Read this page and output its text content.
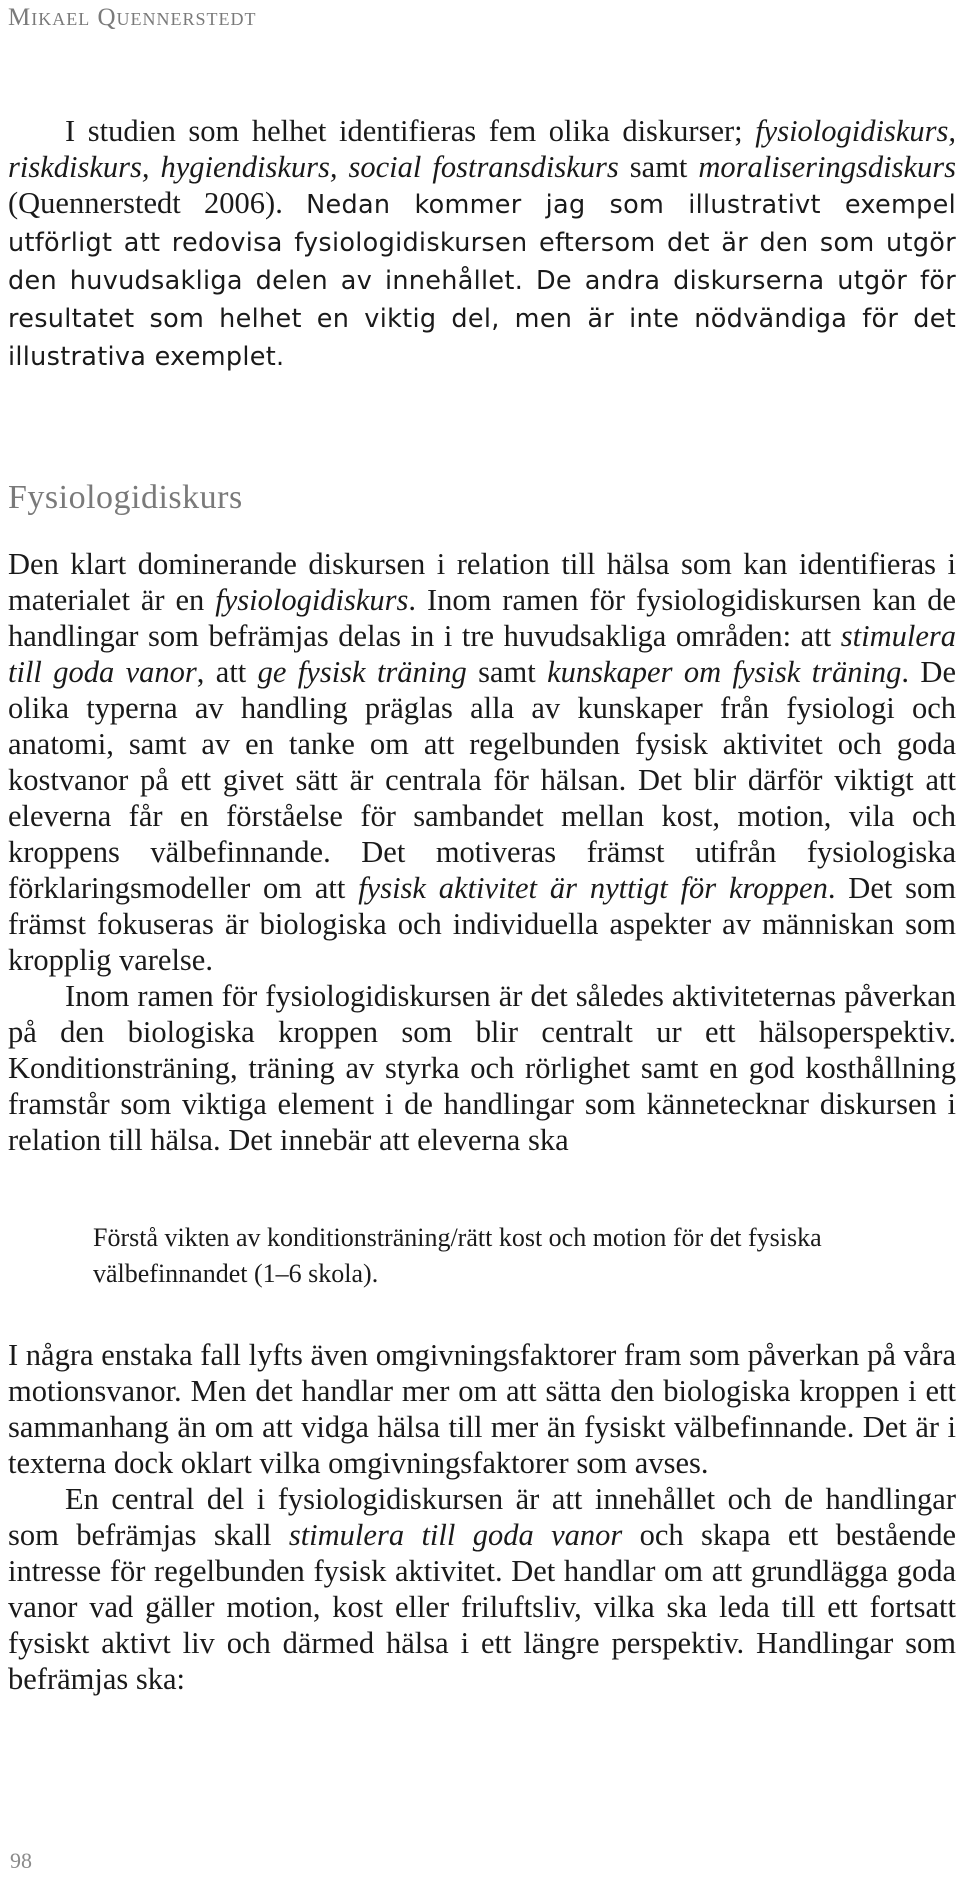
Mikael Quennerstedt

I studien som helhet identifieras fem olika diskurser; fysiologidiskurs, riskdiskurs, hygiendiskurs, social fostransdiskurs samt moraliseringsdiskurs (Quennerstedt 2006). Nedan kommer jag som illustrativt exempel utförligt att redovisa fysiologidiskursen eftersom det är den som utgör den huvudsakliga delen av innehållet. De andra diskurserna utgör för resultatet som helhet en viktig del, men är inte nödvändiga för det illustrativa exemplet.

Fysiologidiskurs

Den klart dominerande diskursen i relation till hälsa som kan identifieras i materialet är en fysiologidiskurs. Inom ramen för fysiologidiskursen kan de handlingar som befrämjas delas in i tre huvudsakliga områden: att stimulera till goda vanor, att ge fysisk träning samt kunskaper om fysisk träning. De olika typerna av handling präglas alla av kunskaper från fysiologi och anatomi, samt av en tanke om att regelbunden fysisk aktivitet och goda kostvanor på ett givet sätt är centrala för hälsan. Det blir därför viktigt att eleverna får en förståelse för sambandet mellan kost, motion, vila och kroppens välbefinnande. Det motiveras främst utifrån fysiologiska förklaringsmodeller om att fysisk aktivitet är nyttigt för kroppen. Det som främst fokuseras är biologiska och individuella aspekter av människan som kropplig varelse.

Inom ramen för fysiologidiskursen är det således aktiviteternas påverkan på den biologiska kroppen som blir centralt ur ett hälsoperspektiv. Konditionsträning, träning av styrka och rörlighet samt en god kosthållning framstår som viktiga element i de handlingar som kännetecknar diskursen i relation till hälsa. Det innebär att eleverna ska

Förstå vikten av konditionsträning/rätt kost och motion för det fysiska välbefinnandet (1–6 skola).

I några enstaka fall lyfts även omgivningsfaktorer fram som påverkan på våra motionsvanor. Men det handlar mer om att sätta den biologiska kroppen i ett sammanhang än om att vidga hälsa till mer än fysiskt välbefinnande. Det är i texterna dock oklart vilka omgivningsfaktorer som avses.

En central del i fysiologidiskursen är att innehållet och de handlingar som befrämjas skall stimulera till goda vanor och skapa ett bestående intresse för regelbunden fysisk aktivitet. Det handlar om att grundlägga goda vanor vad gäller motion, kost eller friluftsliv, vilka ska leda till ett fortsatt fysiskt aktivt liv och därmed hälsa i ett längre perspektiv. Handlingar som befrämjas ska:

98
